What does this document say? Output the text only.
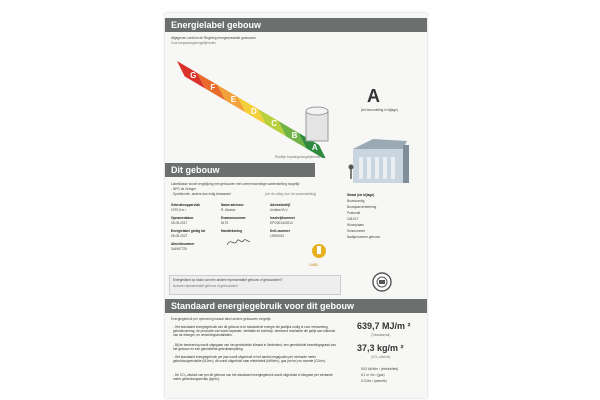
Energielabel gebouw
Afgegeven conform de Regeling energieprestatie gebouwen
Voor toepassingsmogelijkheden
G
F
E
D
C
B
A
Richtlijn bepalingsmogelijkheden
A
(ter beoordeling in bijlage)
Dit gebouw
Labelklasse wordt vergelijking met gebouwen met overeenkomstige samenstelling mogelijk
- NPO de Zeinger
- Sportfunctie, anders dan indig bewaarsel	(zie de uitleg voor de samenstelling)
Gebruiksoppervlak
1979,0 m ²
Opnamedatum
05-05-2017
Energielabel geldig tot
05-05-2027
Afmeldnummer
344967725
Naam adviseur
R. Alvarez
Examennummer
8175
Handtekening
Adviesbedrijf
Unilabel B.V.
Inschrijfnummer
EPG001/5/2014
KvK-nummer
13990031
LABEL
Straat (zie bijlage)
Bouwkundig
Bouwjaarverbetering
Postcode
1061/17
Woonplaats
Huisnummer
Nadigmummer gebouw
Energielabel op basis van een andere representatief gebouw of gebouwdeel?
Actuele representatief gebouw of gebouwdeel
Standaard energiegebruik voor dit gebouw
Energiegebruik per oplevering kanaal tabel andere gebouwen vergelijk
- Het standaard energiegebruik van dit gebouw is te basiswelvel energie die jaarlijks nodig is voor verwarming, geluidsvorming, de productie van warm tapwater, ventilatie en koelhulp, berekend resultante die gelijk aan uitkomst van de elloeger, en verlichtingsinstallaties.
- Bij de berekening wordt uitgegaan van het gemiddelde klimaat in Nederland, een gemiddelde bezettingsgraad van het gebouw en een gemiddelde gebruiksbepaling.
- Het standaard energiegebruik per jaar wordt uitgedrukt in het aantal megajoules per vierkante meter gebruiksoppervlakte (MJ/m²), dit wordt uitgedrukt naar elektriciteit (kWh/m²), gas (m³/m²) en warmte (GJ/m²).
- De CO₂-uitstoot van per dit gebouw van het standaard energiegebruik wordt uitgedrukt in kilogram per vierkante meter gebruiksoppervlak (kg/m²).
639,7 MJ/m ²
(Totaalaantal)
37,3 kg/m ²
(CO₂-uitstoot)
50,0 kWh/m ² (elektriciteit)
8,1 m ³/m ² (gas)
0 GJ/m ² (warmte)
